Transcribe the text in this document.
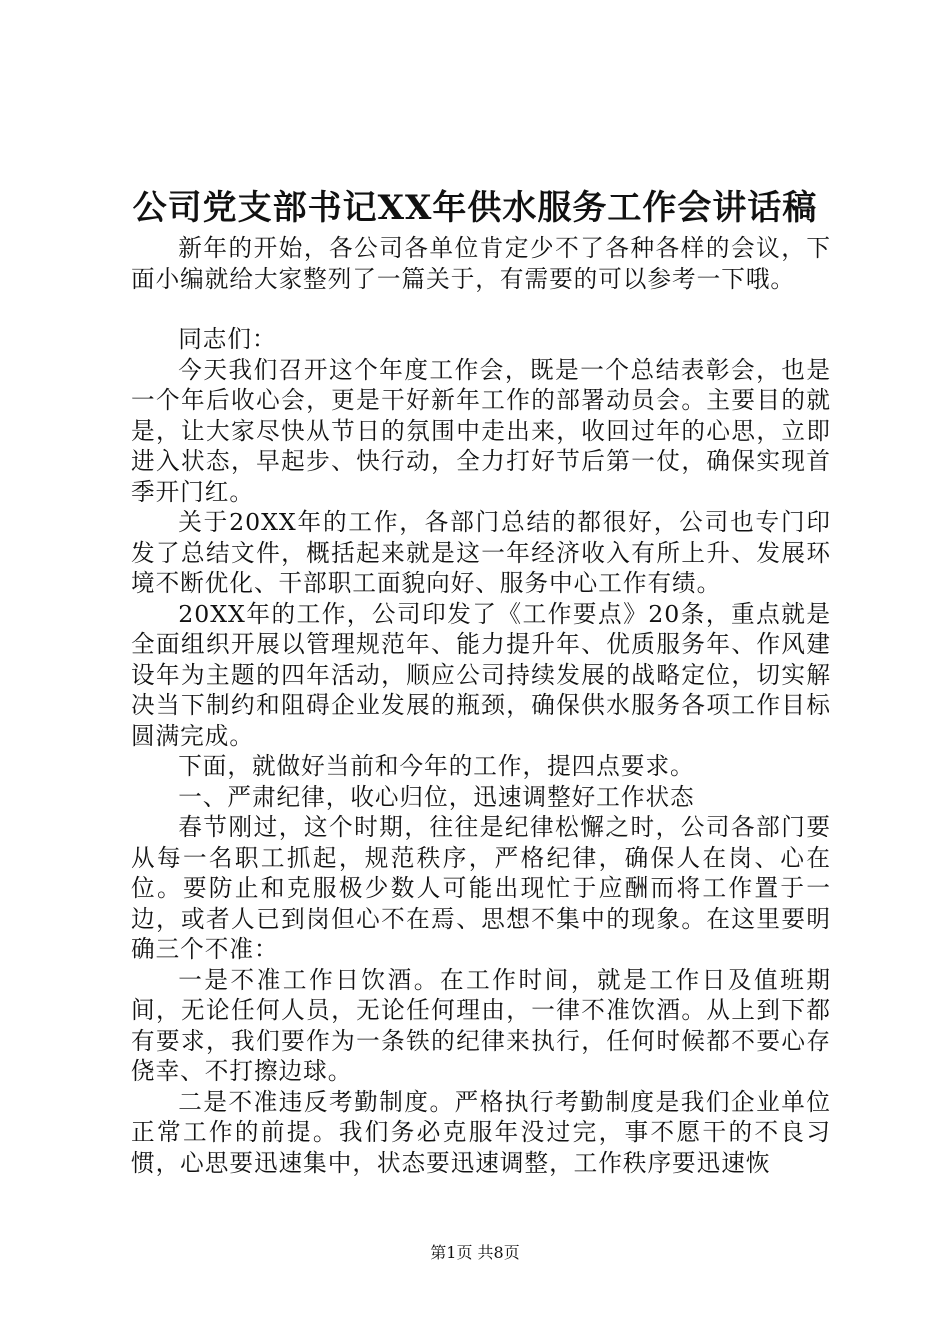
公司党支部书记XX年供水服务工作会讲话稿

新年的开始，各公司各单位肯定少不了各种各样的会议，下面小编就给大家整列了一篇关于，有需要的可以参考一下哦。

同志们：

今天我们召开这个年度工作会，既是一个总结表彰会，也是一个年后收心会，更是干好新年工作的部署动员会。主要目的就是，让大家尽快从节日的氛围中走出来，收回过年的心思，立即进入状态，早起步、快行动，全力打好节后第一仗，确保实现首季开门红。

关于20XX年的工作，各部门总结的都很好，公司也专门印发了总结文件，概括起来就是这一年经济收入有所上升、发展环境不断优化、干部职工面貌向好、服务中心工作有绩。

20XX年的工作，公司印发了《工作要点》20条，重点就是全面组织开展以管理规范年、能力提升年、优质服务年、作风建设年为主题的四年活动，顺应公司持续发展的战略定位，切实解决当下制约和阻碍企业发展的瓶颈，确保供水服务各项工作目标圆满完成。

下面，就做好当前和今年的工作，提四点要求。

一、严肃纪律，收心归位，迅速调整好工作状态

春节刚过，这个时期，往往是纪律松懈之时，公司各部门要从每一名职工抓起，规范秩序，严格纪律，确保人在岗、心在位。要防止和克服极少数人可能出现忙于应酬而将工作置于一边，或者人已到岗但心不在焉、思想不集中的现象。在这里要明确三个不准：

一是不准工作日饮酒。在工作时间，就是工作日及值班期间，无论任何人员，无论任何理由，一律不准饮酒。从上到下都有要求，我们要作为一条铁的纪律来执行，任何时候都不要心存侥幸、不打擦边球。

二是不准违反考勤制度。严格执行考勤制度是我们企业单位正常工作的前提。我们务必克服年没过完，事不愿干的不良习惯，心思要迅速集中，状态要迅速调整，工作秩序要迅速恢

第1页 共8页
